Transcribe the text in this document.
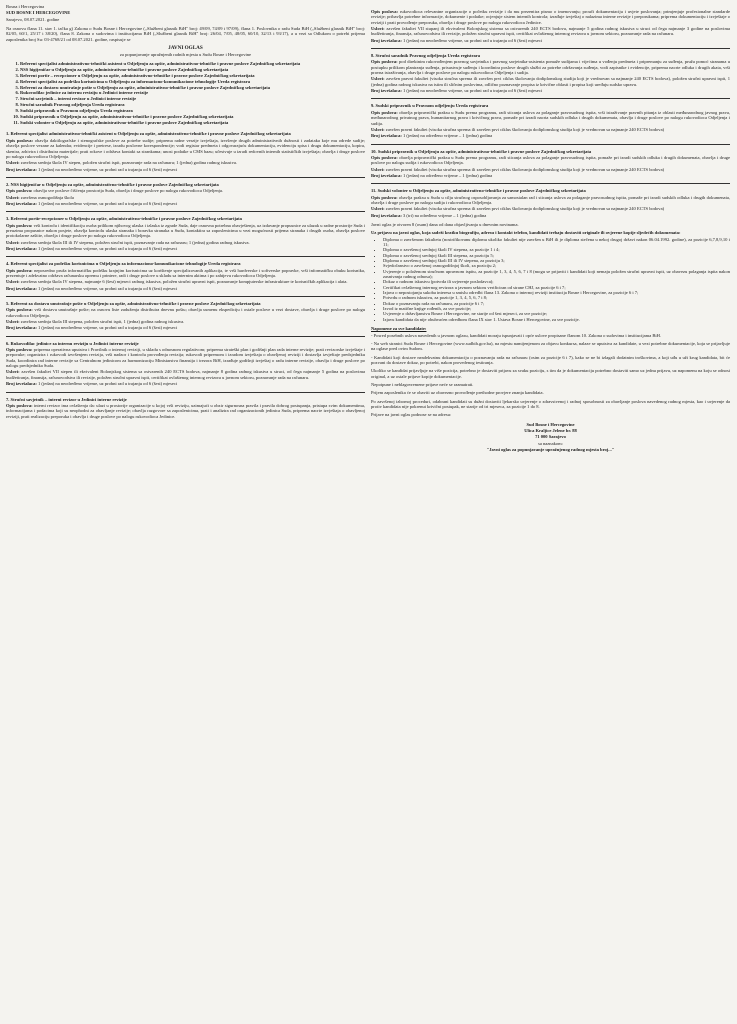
Bosna i Hercegovina

SUD BOSNE I HERCEGOVINE

Sarajevo, 08.07.2021. godine

Na osnovu člana 11. stav 1. tačka g) Zakona o Sudu Bosne i Hercegovine („Službeni glasnik BiH" broj: 49/09, 74/09 i 97/09), člana 1. Poslovnika o radu Suda BiH („Službeni glasnik BiH" broj: 82/05, 60/1, 25/17 i 38/20), člana 8. Zakona o sudovima i institucijama BiH („Službeni glasnik BiH" broj: 26/04, 7/05, 48/05, 60/10, 32/13 i 93/17), a u vezi sa Odlukom o potrebi prijema zaposlenika broj Su: 03-4768/21 od 08.07.2021. godine, raspisuje se

JAVNI OGLAS
za popunjavanje upražnjenih radnih mjesta u Sudu Bosne i Hercegovine
1. Referent specijalist administrativno-tehnički asistent u Odjeljenju za opšte, administrativno-tehničke i pravne poslove Zajedničkog sekretarijata
2. NSS higijeničar u Odjeljenju za opšte, administrativno-tehničke i pravne poslove Zajedničkog sekretarijata
3. Referent portir – recepcioner u Odjeljenju za opšte, administrativno-tehničke i pravne poslove Zajedničkog sekretarijata
4. Referent specijalist za podršku korisnicima u Odjeljenju za informaciono-komunikacione tehnologije Ureda registrara
5. Referent za dostavu unutrašnje pošte u Odjeljenju za opšte, administrativno-tehničke i pravne poslove Zajedničkog sekretarijata
6. Rukovodilac jedinice za internu reviziju u Jedinici interne revizije
7. Stručni savjetnik – interni revizor u Jedinici interne revizije
8. Stručni saradnik Pravnog odjeljenja Ureda registrara
9. Sudski pripravnik u Pravnom odjeljenju Ureda registrara
10. Sudski pripravnik u Odjeljenju za opšte, administrativno-tehničke i pravne poslove Zajedničkog sekretarijata
11. Sudski volonter u Odjeljenju za opšte, administrativno-tehničke i pravne poslove Zajedničkog sekretarijata
1. Referent specijalist administrativno-tehnički asistent u Odjeljenju za opšte, administrativno-tehničke i pravne poslove Zajedničkog sekretarijata

Opis poslova: obavlja daktilografske i stenografske poslove za potrebe sudije; priprema radne verzije izvještaja, izvršenje drugih administrativnih dužnosti i zadataka koje mu odrede sudije; obavlja poslove vezane za kalendar, evidencije i pretrese, izradu poslovne korespondencije; vodi registar predmeta i odgovarajuću dokumentaciju, evidenciju spisa i drugu dokumentaciju, kopira, skenira, arhivira i distribuira materijale; prati rokove i održava kontakt sa strankama; unosi podatke u CMS bazu; učestvuje u izradi redovnih internih statističkih izvještaja; obavlja i druge poslove po nalogu rukovodioca Odjeljenja.

Uslovi: završena srednja škola IV stepen, položen stručni ispit, poznavanje rada na računaru; 1 (jedna) godina radnog iskustva.

Broj izvršalaca: 1 (jedan) na neodređeno vrijeme, uz probni rad u trajanju od 6 (šest) mjeseci

2. NSS higijeničar u Odjeljenju za opšte, administrativno-tehničke i pravne poslove Zajedničkog sekretarijata

Opis poslova: obavlja sve poslove čišćenja prostorija Suda, obavlja i druge poslove po nalogu rukovodioca Odjeljenja.

Uslovi: završena osmogodišnja škola

Broj izvršalaca: 1 (jedan) na neodređeno vrijeme, uz probni rad u trajanju od 6 (šest) mjeseci

3. Referent portir-recepcioner u Odjeljenju za opšte, administrativno-tehničke i pravne poslove Zajedničkog sekretarijata

Opis poslova: vrši kontrolu i identifikaciju osoba prilikom njihovog ulaska i izlaska iz zgrade Suda, daje osnovna potrebna obavještenja, uz izdavanje propusnice za ulazak u radne prostorije Suda i preuzima propusnice nakon posjete, obavlja kontrolu ulaska stranaka i boravka stranaka u Sudu, kontaktira sa zaposlenicima u vezi mogućnosti prijema stranaka i drugih osoba, obavlja poslove protokolarne zaštite, obavlja i druge poslove po nalogu rukovodioca Odjeljenja.

Uslovi: završena srednja škola III ili IV stepena, položen stručni ispit, poznavanje rada na računaru; 1 (jedna) godina radnog iskustva.

Broj izvršalaca: 1 (jedan) na neodređeno vrijeme, uz probni rad u trajanju od 6 (šest) mjeseci

4. Referent specijalist za podršku korisnicima u Odjeljenju za informaciono-komunikacione tehnologije Ureda registrara

Opis poslova: neposredno pruža informatičku podršku krajnjim korisnicima uz korištenje specijalizovanih aplikacija, te vrši hardverske i softverske popravke, vrši informatičku obuku korisnika, prezentuje i adekvatno održava računarsku opremu i printere, radi i druge poslove u skladu sa internim aktima i po zahtjevu rukovodioca Odjeljenja.

Uslovi: završena srednja škola IV stepena, najmanje 6 (šest) mjeseci radnog iskustva, položen stručni upravni ispit, poznavanje kompjuterske infrastrukture te korisničkih aplikacija i alata.

Broj izvršalaca: 1 (jedan) na neodređeno vrijeme, uz probni rad u trajanju od 6 (šest) mjeseci

5. Referent za dostavu unutrašnje pošte u Odjeljenju za opšte, administrativno-tehničke i pravne poslove Zajedničkog sekretarijata

Opis poslova: vrši dostavu unutrašnje pošte; na osnovu liste zaduženja distribuira dnevnu poštu; obavlja usmenu ekspediciju i ostale poslove u vezi dostave, obavlja i druge poslove po nalogu rukovodioca Odjeljenja.

Uslovi: završena srednja škola III stepena, položen stručni ispit, 1 (jedna) godina radnog iskustva.

Broj izvršalaca: 1 (jedan) na neodređeno vrijeme, uz probni rad u trajanju od 6 (šest) mjeseci

6. Rukovodilac jedinice za internu reviziju u Jedinici interne revizije

Opis poslova: priprema operativna uputstva i Pravilnik o internoj reviziji, u skladu s odnosnom regulativom; priprema strateški plan i godišnji plan rada interne revizije; prati revizorske izvještaje i preporuke; organizira i rukovodi izvršenjem revizija, vrši nadzor i kontrolu provođenja revizija; rukovodi pripremom i izradom izvještaja o obavljenoj reviziji i dostavlja izvještaje predsjedniku Suda, koordinira rad interne revizije sa Centralnom jedinicom za harmonizaciju Ministarstva finansija i trezora BiH, izrađuje godišnji izvještaj o radu interne revizije, obavlja i druge poslove po nalogu predsjednika Suda.

Uslovi: završen fakultet VII stepen ili ekvivalent Bolonjskog sistema sa ostvarenih 240 ECTS bodova, najmanje 8 godina radnog iskustva u struci, od čega najmanje 5 godina na poslovima budžetiranja, finansija, računovodstva ili revizije, položen stručni upravni ispit, certifikat ovlaštenog internog revizora u javnom sektoru, poznavanje rada na računaru.

Broj izvršalaca: 1 (jedan) na neodređeno vrijeme, uz probni rad u trajanju od 6 (šest) mjeseci

7. Stručni savjetnik – interni revizor u Jedinici interne revizije

Opis poslova: interni revizor ima ovlaštenja da: ulazi u prostorije organizacije u kojoj vrši reviziju, uzimajući u obzir sigurnosna pravila i pravila dobrog postupanja, pristupa svim dokumentima, informacijama i podacima koji su neophodni za obavljanje revizije; obavlja razgovore sa zaposlenicima, prati i analizira rad organizacionih jedinica Suda, priprema nacrte izvještaja o obavljenoj reviziji, prati realizaciju preporuka i obavlja i druge poslove po nalogu rukovodioca Jedinice.

Opis poslova: rukovodioca relevantne organizacije o početku revizije i da mu prezentira pismo o imenovanju; prouči dokumentaciju i uvjete poslovanja; primjenjuje profesionalne standarde revizije; pribavlja potrebne informacije, dokumente i podatke; ocjenjuje sistem internih kontrola; izrađuje izvještaj o nalazima interne revizije i preporukama; priprema dokumentaciju i izvještaje o reviziji i prati provođenje preporuka, obavlja i druge poslove po nalogu rukovodioca Jedinice.

Uslovi: završen fakultet VII stupanj ili ekvivalent Bolonjskog sistema sa ostvarenih 240 ECTS bodova, najmanje 5 godina radnog iskustva u struci od čega najmanje 3 godine na poslovima budžetiranja, finansija, računovodstva ili revizije, položen stručni upravni ispit, certifikat ovlaštenog internog revizora u javnom sektoru, poznavanje rada na računaru.

Broj izvršalaca: 1 (jedan) na neodređeno vrijeme, uz probni rad u trajanju od 6 (šest) mjeseci

8. Stručni saradnik Pravnog odjeljenja Ureda registrara

Opis poslova: pod direktnim rukovođenjem pravnog savjetnika i pravnog savjetnika-asistenta pomaže sudijama i vijećima u vođenju predmeta i pripremanju za suđenja, pruža pomoć stranama u postupku prilikom planiranja suđenja, prisustvuje suđenju i koordinira poslove drugih službi za potrebe održavanja suđenja, vodi zapisnike i evidencije, priprema nacrte odluka i drugih akata, vrši pravna istraživanja, obavlja i druge poslove po nalogu rukovodioca Odjeljenja i sudija.

Uslovi: završen pravni fakultet (visoka stručna sprema ili završen prvi ciklus školovanja dodiplomskog studija koji je vrednovan sa najmanje 240 ECTS bodova), položen stručni upravni ispit, 1 (jedna) godina radnog iskustva na istim ili sličnim poslovima, odlično poznavanje propisa iz krivične oblasti i propisa koji uređuju sudsko upravu.

Broj izvršalaca: 1 (jedan) na neodređeno vrijeme, uz probni rad u trajanju od 6 (šest) mjeseci

9. Sudski pripravnik u Pravnom odjeljenju Ureda registrara

Opis poslova: obavlja pripravnički praksu u Sudu prema programu, radi sticanja uslova za polaganje pravosudnog ispita, vrši istraživanje pravnih pitanja iz oblasti međunarodnog javnog prava, međunarodnog privatnog prava, humanitarnog prava i krivičnog prava, pomaže pri izradi nacrta sudskih odluka i drugih dokumenata, obavlja i druge poslove po nalogu rukovodioca Odjeljenja i sudija.

Uslovi: završen pravni fakultet (visoka stručna sprema ili završen prvi ciklus školovanja dodiplomskog studija koji je vrednovan sa najmanje 240 ECTS bodova)

Broj izvršalaca: 1 (jedan) na određeno vrijeme – 1 (jedna) godina

10. Sudski pripravnik u Odjeljenju za opšte, administrativno-tehničke i pravne poslove Zajedničkog sekretarijata

Opis poslova: obavlja pripravnički praksu u Sudu prema programu, radi sticanja uslova za polaganje pravosudnog ispita, pomaže pri izradi sudskih odluka i drugih dokumenata, obavlja i druge poslove po nalogu sudija i rukovodioca Odjeljenja.

Uslovi: završen pravni fakultet (visoka stručna sprema ili završen prvi ciklus školovanja dodiplomskog studija koji je vrednovan sa najmanje 240 ECTS bodova)

Broj izvršalaca: 1 (jedan) na određeno vrijeme – 1 (jedna) godina

11. Sudski volonter u Odjeljenju za opšte, administrativno-tehničke i pravne poslove Zajedničkog sekretarijata

Opis poslova: obavlja praksu u Sudu u cilju stručnog osposobljavanja za samostalan rad i sticanja uslova za polaganje pravosudnog ispita, pomaže pri izradi sudskih odluka i drugih dokumenata, obavlja i druge poslove po nalogu sudija i rukovodioca Odjeljenja.

Uslovi: završen pravni fakultet (visoka stručna sprema ili završen prvi ciklus školovanja dodiplomskog studija koji je vrednovan sa najmanje 240 ECTS bodova)

Broj izvršalaca: 3 (tri) na određeno vrijeme – 1 (jedna) godina

Javni oglas je otvoren 8 (osam) dana od dana objavljivanja u dnevnim novinama.

Uz prijavu na javni oglas, koja sadrži kratku biografiju, adresu i kontakt telefon, kandidati trebaju dostaviti originale ili ovjerene kopije sljedećih dokumenata:

• Diploma o završenom fakultetu (nostrifikovanu diplomu ukoliko fakultet nije završen u BiH ili je diploma stečena u nekoj drugoj državi nakon 06.04.1992. godine), za pozicije 6,7,8,9,10 i 11;
• Diploma o završenoj srednjoj školi IV stepena, za pozicije 1 i 4;
• Diploma o završenoj srednjoj školi III stepena, za poziciju 5;
• Diploma o završenoj srednjoj školi III ili IV stepena, za poziciju 3;
• Svjedočanstvo o završenoj osmogodišnjoj školi, za poziciju 2;
• Uvjerenje o položenom stručnom upravnom ispitu, za pozicije 1, 3, 4, 5, 6, 7 i 8 (mogu se prijaviti i kandidati koji nemaju položen stručni upravni ispit, uz obavezu polaganja ispita nakon zasnivanja radnog odnosa);
• Dokaz o radnom iskustvu (potvrda ili uvjerenje poslodavca);
• Certifikat ovlaštenog internog revizora u javnom sektoru verificiran od strane CHJ, za pozicije 6 i 7;
• Izjava o nepostojanju sukoba interesa u smislu odredbi člana 13. Zakona o internoj reviziji institucija Bosne i Hercegovine, za pozicije 6 i 7;
• Potvrdu o radnom iskustvu, za pozicije 1, 3, 4, 5, 6, 7 i 8;
• Dokaz o poznavanju rada na računaru, za pozicije 6 i 7;
• Izvod iz matične knjige rođenih, za sve pozicije;
• Uvjerenje o državljanstvu Bosne i Hercegovine, ne starije od šest mjeseci, za sve pozicije;
• Izjavu kandidata da nije obuhvaćen odredbom člana IX stav 1. Ustava Bosne i Hercegovine, za sve pozicije.
Napomene za sve kandidate:

- Posred posebnih uslova navedenih u javnom oglasu, kandidati moraju ispunjavati i opće uslove propisane članom 10. Zakona o sudovima i institucijama BiH.

- Na web stranici Suda Bosne i Hercegovine (www.sudbih.gov.ba), na mjestu namijenjenom za objavu konkursa, nalaze se uputstva za kandidate, u vezi potrebne dokumentacije, koja se prijavljuje na oglase pred ovim Sudom.

- Kandidati koji dostave neadekvatnu dokumentaciju o poznavanju rada na računaru (osim za pozicije 6 i 7), kako se ne bi izlagali dodatnim troškovima, a koji uđu u uži krug kandidata, bit će pozvani da dostave dokaz, po potrebi, nakon provedenog testiranja.

Ukoliko se kandidat prijavljuje na više pozicija, potrebno je dostaviti prijavu za svaku poziciju, s tim da je dokumentaciju potrebno dostaviti samo uz jednu prijavu, uz napomenu na koju se odnosi original, a uz ostale prijave kopije dokumentacije.

Nepotpune i neblagovremene prijave neće se razmatrati.

Prijem zaposlenika će se obaviti uz obavezno provođenje prethodne provjere znanja kandidata.

Po završenoj izbornoj proceduri, odabrani kandidati su dužni dostaviti ljekarsko uvjerenje o zdravstvenoj i radnoj sposobnosti za obavljanje poslova navedenog radnog mjesta, kao i uvjerenje da protiv kandidata nije pokrenut krivični postupak, ne starije od tri mjeseca, za pozicije 1 do 8.

Prijave na javni oglas podnose se na adresu:

Sud Bosne i Hercegovine

Ulica Kraljice Jelene br. 88

71 000 Sarajevo

sa naznakom:

"Javni oglas za popunjavanje upražnjenog radnog mjesta broj..."
